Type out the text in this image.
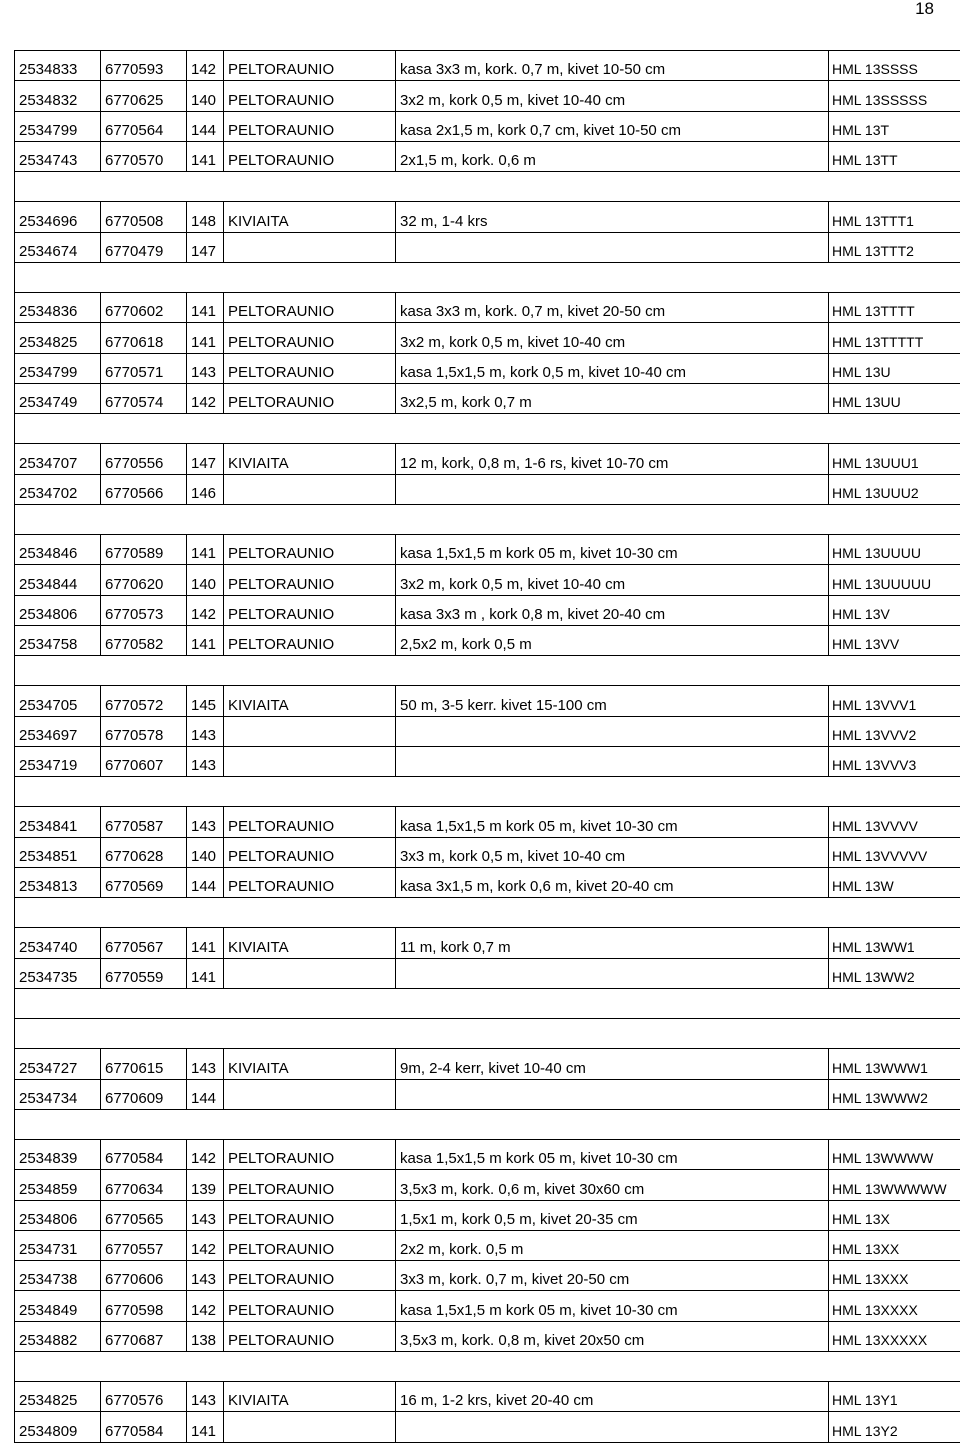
18
2534833	6770593	142	PELTORAUNIO	kasa 3x3 m, kork. 0,7 m, kivet 10-50 cm	HML 13SSSS
2534832	6770625	140	PELTORAUNIO	3x2 m, kork 0,5 m, kivet 10-40 cm	HML 13SSSSS
2534799	6770564	144	PELTORAUNIO	kasa 2x1,5 m, kork 0,7 cm, kivet 10-50 cm	HML 13T
2534743	6770570	141	PELTORAUNIO	2x1,5 m, kork. 0,6 m	HML 13TT

2534696	6770508	148	KIVIAITA	32 m, 1-4 krs	HML 13TTT1
2534674	6770479	147			HML 13TTT2

2534836	6770602	141	PELTORAUNIO	kasa 3x3 m, kork. 0,7 m, kivet 20-50 cm	HML 13TTTT
2534825	6770618	141	PELTORAUNIO	3x2 m, kork 0,5 m, kivet 10-40 cm	HML 13TTTTT
2534799	6770571	143	PELTORAUNIO	kasa 1,5x1,5 m, kork 0,5 m, kivet 10-40 cm	HML 13U
2534749	6770574	142	PELTORAUNIO	3x2,5 m, kork 0,7 m	HML 13UU

2534707	6770556	147	KIVIAITA	12 m, kork, 0,8 m, 1-6 rs, kivet 10-70 cm	HML 13UUU1
2534702	6770566	146			HML 13UUU2

2534846	6770589	141	PELTORAUNIO	kasa 1,5x1,5 m kork 05 m, kivet 10-30 cm	HML 13UUUU
2534844	6770620	140	PELTORAUNIO	3x2 m, kork 0,5 m, kivet 10-40 cm	HML 13UUUUU
2534806	6770573	142	PELTORAUNIO	kasa 3x3 m , kork 0,8 m, kivet 20-40 cm	HML 13V
2534758	6770582	141	PELTORAUNIO	2,5x2 m, kork 0,5 m	HML 13VV

2534705	6770572	145	KIVIAITA	50 m, 3-5 kerr. kivet 15-100 cm	HML 13VVV1
2534697	6770578	143			HML 13VVV2
2534719	6770607	143			HML 13VVV3

2534841	6770587	143	PELTORAUNIO	kasa 1,5x1,5 m kork 05 m, kivet 10-30 cm	HML 13VVVV
2534851	6770628	140	PELTORAUNIO	3x3 m, kork 0,5 m, kivet 10-40 cm	HML 13VVVVV
2534813	6770569	144	PELTORAUNIO	kasa 3x1,5 m, kork 0,6 m, kivet 20-40 cm	HML 13W

2534740	6770567	141	KIVIAITA	11 m, kork 0,7 m	HML 13WW1
2534735	6770559	141			HML 13WW2

2534727	6770615	143	KIVIAITA	9m, 2-4 kerr, kivet 10-40 cm	HML 13WWW1
2534734	6770609	144			HML 13WWW2

2534839	6770584	142	PELTORAUNIO	kasa 1,5x1,5 m kork 05 m, kivet 10-30 cm	HML 13WWWW
2534859	6770634	139	PELTORAUNIO	3,5x3 m, kork. 0,6 m, kivet 30x60 cm	HML 13WWWWW
2534806	6770565	143	PELTORAUNIO	1,5x1 m, kork 0,5 m, kivet 20-35 cm	HML 13X
2534731	6770557	142	PELTORAUNIO	2x2 m, kork. 0,5 m	HML 13XX
2534738	6770606	143	PELTORAUNIO	3x3 m, kork. 0,7 m, kivet 20-50 cm	HML 13XXX
2534849	6770598	142	PELTORAUNIO	kasa 1,5x1,5 m kork 05 m, kivet 10-30 cm	HML 13XXXX
2534882	6770687	138	PELTORAUNIO	3,5x3 m, kork. 0,8 m, kivet 20x50 cm	HML 13XXXXX

2534825	6770576	143	KIVIAITA	16 m, 1-2 krs, kivet 20-40 cm	HML 13Y1
2534809	6770584	141			HML 13Y2
